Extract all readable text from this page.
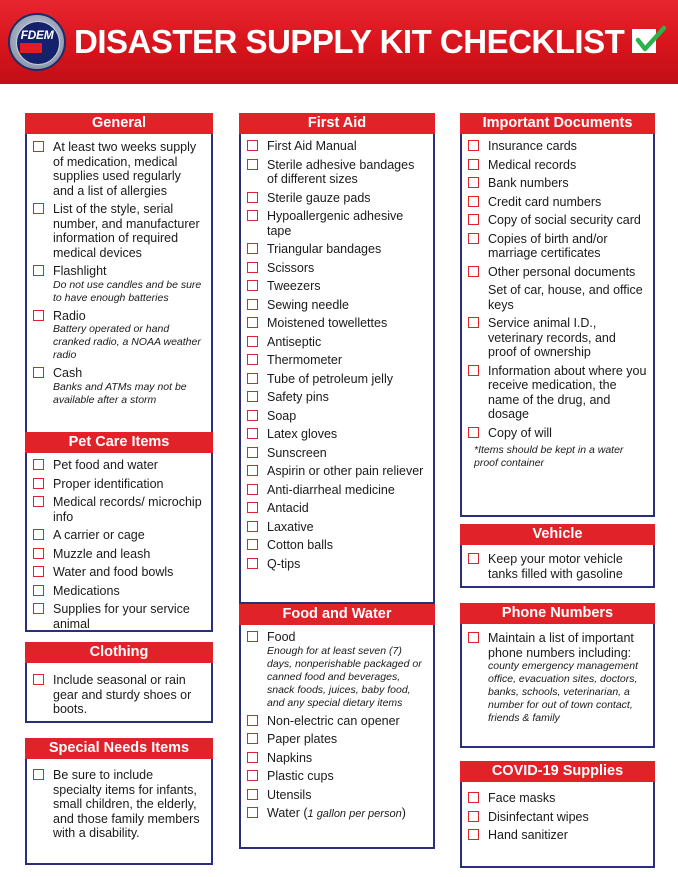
FDEM DISASTER SUPPLY KIT CHECKLIST
General
At least two weeks supply of medication, medical supplies used regularly and a list of allergies
List of the style, serial number, and manufacturer information of required medical devices
Flashlight
Do not use candles and be sure to have enough batteries
Radio
Battery operated or hand cranked radio, a NOAA weather radio
Cash
Banks and ATMs may not be available after a storm
Pet Care Items
Pet food and water
Proper identification
Medical records/ microchip info
A carrier or cage
Muzzle and leash
Water and food bowls
Medications
Supplies for your service animal
Clothing
Include seasonal or rain gear and sturdy shoes or boots.
Special Needs Items
Be sure to include specialty items for infants, small children, the elderly, and those family members with a disability.
First Aid
First Aid Manual
Sterile adhesive bandages of different sizes
Sterile gauze pads
Hypoallergenic adhesive tape
Triangular bandages
Scissors
Tweezers
Sewing needle
Moistened towellettes
Antiseptic
Thermometer
Tube of petroleum jelly
Safety pins
Soap
Latex gloves
Sunscreen
Aspirin or other pain reliever
Anti-diarrheal medicine
Antacid
Laxative
Cotton balls
Q-tips
Food and Water
Food
Enough for at least seven (7) days, nonperishable packaged or canned food and beverages, snack foods, juices, baby food, and any special dietary items
Non-electric can opener
Paper plates
Napkins
Plastic cups
Utensils
Water (1 gallon per person)
Important Documents
Insurance cards
Medical records
Bank numbers
Credit card numbers
Copy of social security card
Copies of birth and/or marriage certificates
Other personal documents
Set of car, house, and office keys
Service animal I.D., veterinary records, and proof of ownership
Information about where you receive medication, the name of the drug, and dosage
Copy of will
*Items should be kept in a water proof container
Vehicle
Keep your motor vehicle tanks filled with gasoline
Phone Numbers
Maintain a list of important phone numbers including:
county emergency management office, evacuation sites, doctors, banks, schools, veterinarian, a number for out of town contact, friends & family
COVID-19 Supplies
Face masks
Disinfectant wipes
Hand sanitizer
